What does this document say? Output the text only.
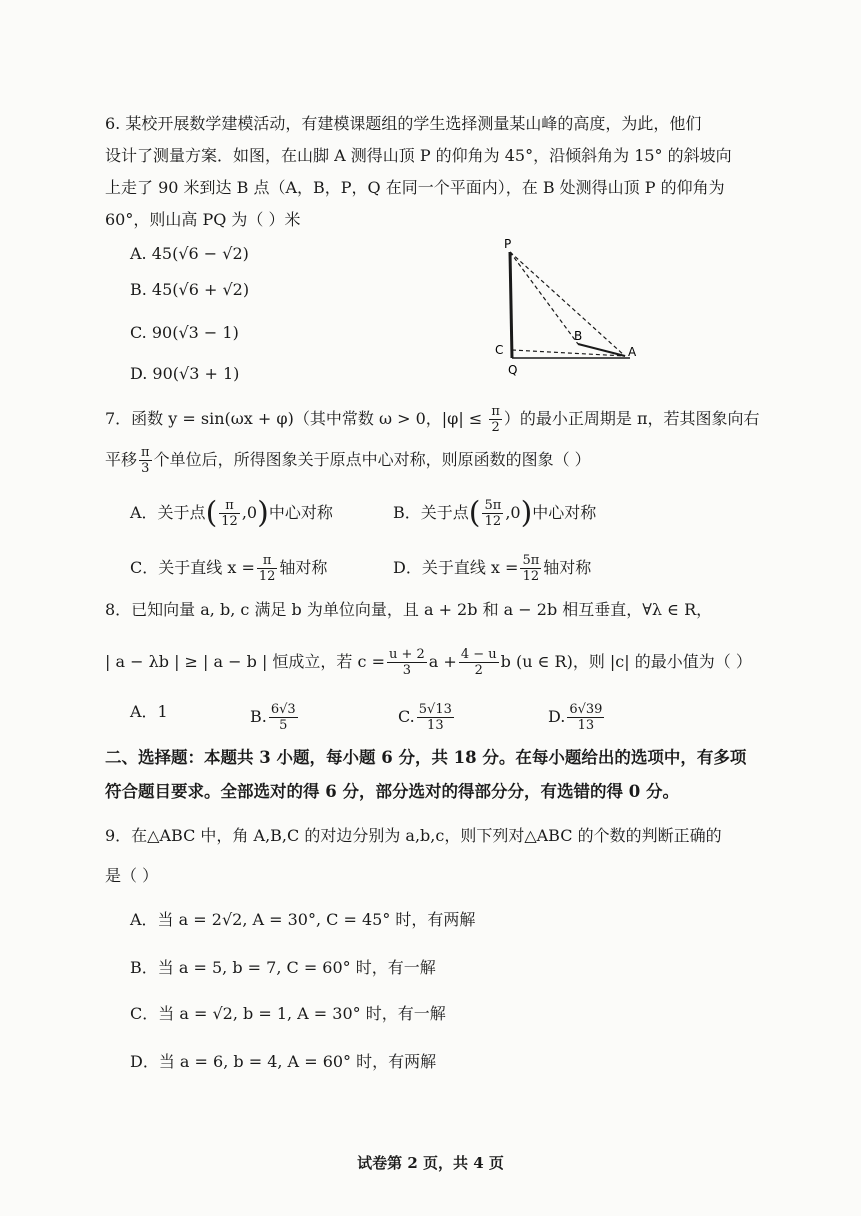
6. 某校开展数学建模活动，有建模课题组的学生选择测量某山峰的高度，为此，他们
设计了测量方案．如图，在山脚 A 测得山顶 P 的仰角为 45°，沿倾斜角为 15° 的斜坡向
上走了 90 米到达 B 点（A，B，P，Q 在同一个平面内），在 B 处测得山顶 P 的仰角为
60°，则山高 PQ 为（ ）米
A. 45(√6 − √2)
B. 45(√6 + √2)
C. 90(√3 − 1)
D. 90(√3 + 1)
P
B
C	A
Q
7．函数 y = sin(ωx + φ)（其中常数 ω > 0，$|\varphi| \le \frac{\pi}{2}$ ）的最小正周期是 π，若其图象向右
平移 $\frac{\pi}{3}$ 个单位后，所得图象关于原点中心对称，则原函数的图象（ ）
A．关于点( $\frac{\pi}{12} ,0$)中心对称	B．关于点( $\frac{5\pi}{12} ,0$)中心对称
C．关于直线 $x = \frac{\pi}{12}$ 轴对称	D．关于直线 $x = \frac{5\pi}{12}$ 轴对称
8．已知向量 a, b, c 满足 b 为单位向量，且 a + 2b 和 a − 2b 相互垂直，∀λ ∈ R，
| a − λb | ≥ | a − b | 恒成立，若 $c = \frac{u + 2}{3}$ $a + \frac{4 - u}{2}$ b (u ∈ R)，则 |c| 的最小值为（ ）
A．1	B. $\frac{6√3}{5}$	C. $\frac{5√13}{13}$	D. $\frac{6√39}{13}$
二、选择题：本题共 3 小题，每小题 6 分，共 18 分。在每小题给出的选项中，有多项
符合题目要求。全部选对的得 6 分，部分选对的得部分分，有选错的得 0 分。
9．在△ABC 中，角 A,B,C 的对边分别为 a,b,c，则下列对△ABC 的个数的判断正确的
是（ ）
A．当 a = 2√2, A = 30°, C = 45° 时，有两解
B．当 a = 5, b = 7, C = 60° 时，有一解
C．当 a = √2, b = 1, A = 30° 时，有一解
D．当 a = 6, b = 4, A = 60° 时，有两解
试卷第 2 页，共 4 页
